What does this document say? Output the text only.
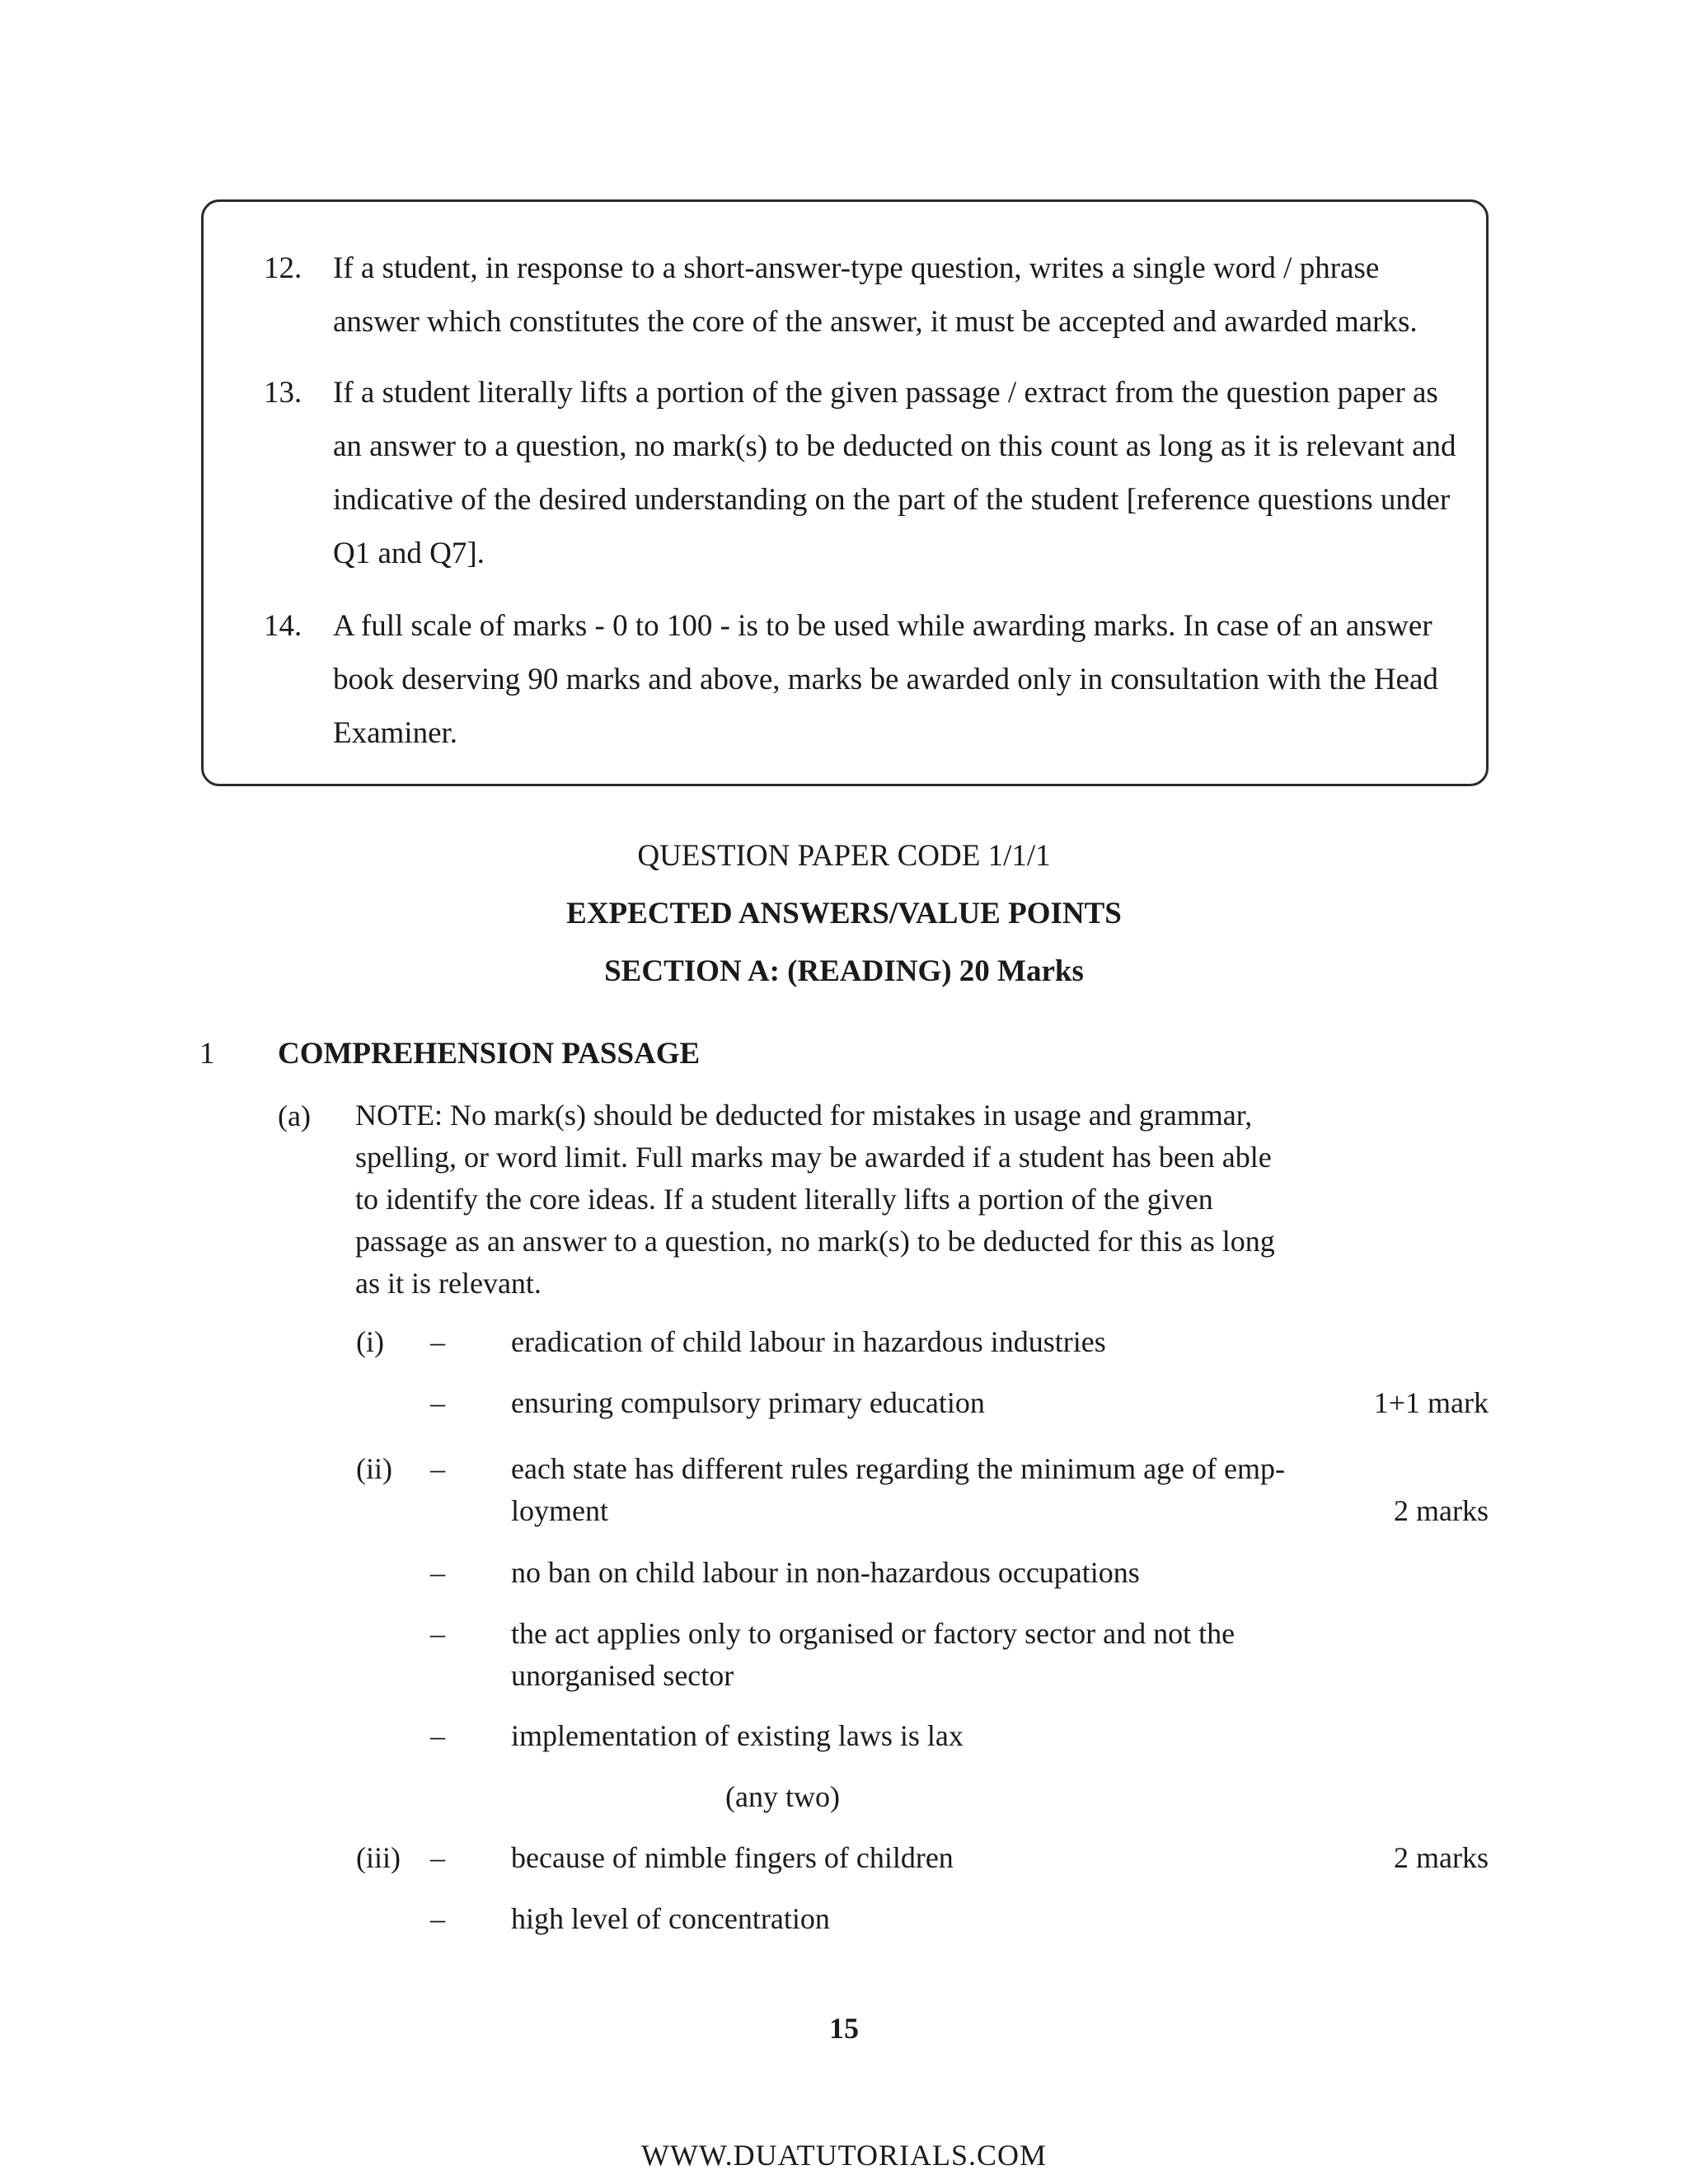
12. If a student, in response to a short-answer-type question, writes a single word / phrase answer which constitutes the core of the answer, it must be accepted and awarded marks.
13. If a student literally lifts a portion of the given passage / extract from the question paper as an answer to a question, no mark(s) to be deducted on this count as long as it is relevant and indicative of the desired understanding on the part of the student [reference questions under Q1 and Q7].
14. A full scale of marks - 0 to 100 - is to be used while awarding marks. In case of an answer book deserving 90 marks and above, marks be awarded only in consultation with the Head Examiner.
QUESTION PAPER CODE 1/1/1
EXPECTED ANSWERS/VALUE POINTS
SECTION A: (READING) 20 Marks
1 COMPREHENSION PASSAGE
(a) NOTE: No mark(s) should be deducted for mistakes in usage and grammar, spelling, or word limit. Full marks may be awarded if a student has been able to identify the core ideas. If a student literally lifts a portion of the given passage as an answer to a question, no mark(s) to be deducted for this as long as it is relevant.
(i) – eradication of child labour in hazardous industries
– ensuring compulsory primary education	1+1 mark
(ii) – each state has different rules regarding the minimum age of emp-
loyment	2 marks
– no ban on child labour in non-hazardous occupations
– the act applies only to organised or factory sector and not the unorganised sector
– implementation of existing laws is lax
(any two)
(iii) – because of nimble fingers of children	2 marks
– high level of concentration
15
WWW.DUATUTORIALS.COM
